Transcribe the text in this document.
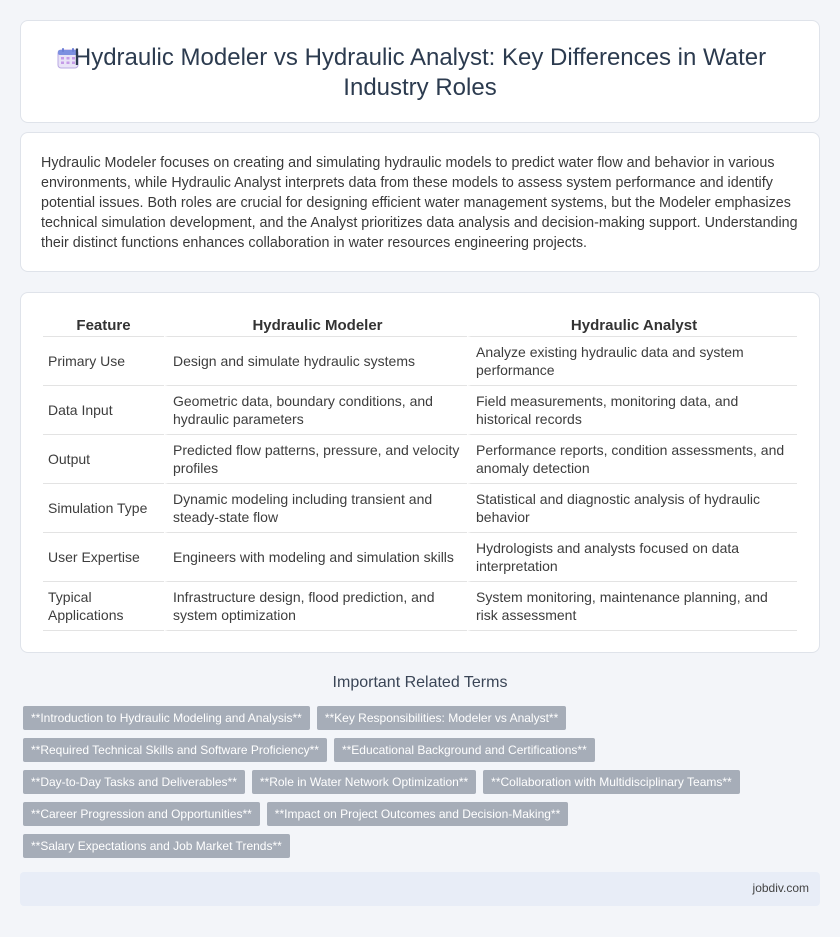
Hydraulic Modeler vs Hydraulic Analyst: Key Differences in Water Industry Roles

Hydraulic Modeler focuses on creating and simulating hydraulic models to predict water flow and behavior in various environments, while Hydraulic Analyst interprets data from these models to assess system performance and identify potential issues. Both roles are crucial for designing efficient water management systems, but the Modeler emphasizes technical simulation development, and the Analyst prioritizes data analysis and decision-making support. Understanding their distinct functions enhances collaboration in water resources engineering projects.

Feature	Hydraulic Modeler	Hydraulic Analyst
Primary Use	Design and simulate hydraulic systems	Analyze existing hydraulic data and system performance
Data Input	Geometric data, boundary conditions, and hydraulic parameters	Field measurements, monitoring data, and historical records
Output	Predicted flow patterns, pressure, and velocity profiles	Performance reports, condition assessments, and anomaly detection
Simulation Type	Dynamic modeling including transient and steady-state flow	Statistical and diagnostic analysis of hydraulic behavior
User Expertise	Engineers with modeling and simulation skills	Hydrologists and analysts focused on data interpretation
Typical Applications	Infrastructure design, flood prediction, and system optimization	System monitoring, maintenance planning, and risk assessment
Important Related Terms
**Introduction to Hydraulic Modeling and Analysis**	**Key Responsibilities: Modeler vs Analyst**
**Required Technical Skills and Software Proficiency**	**Educational Background and Certifications**
**Day-to-Day Tasks and Deliverables**	**Role in Water Network Optimization**	**Collaboration with Multidisciplinary Teams**
**Career Progression and Opportunities**	**Impact on Project Outcomes and Decision-Making**
**Salary Expectations and Job Market Trends**
jobdiv.com
